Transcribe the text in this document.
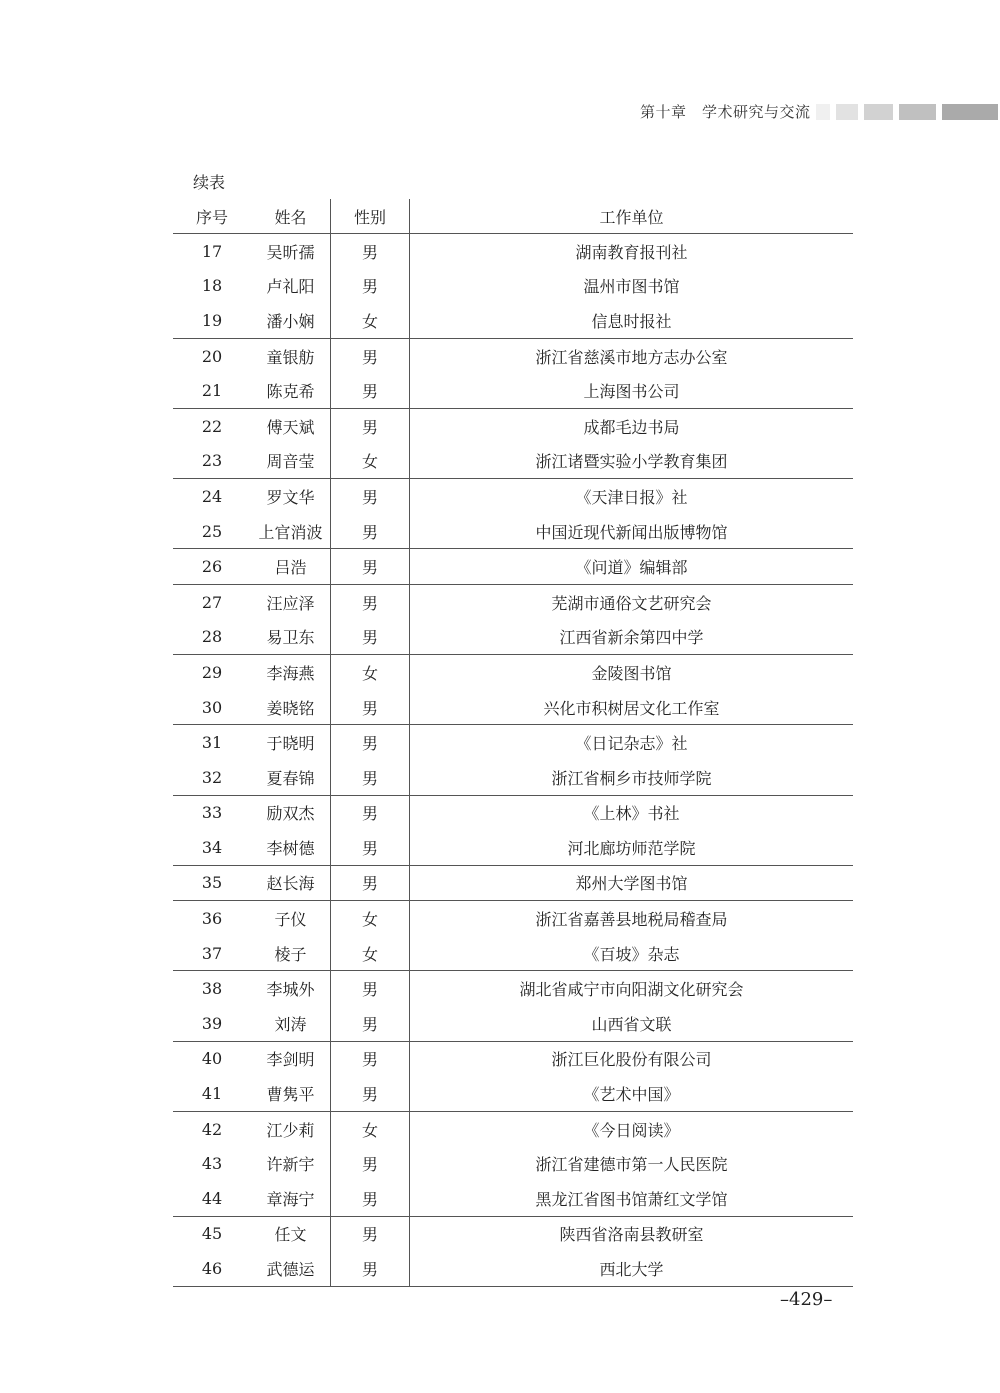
第十章　学术研究与交流
续表
序号	姓名	性别	工作单位
17	吴昕孺	男	湖南教育报刊社
18	卢礼阳	男	温州市图书馆
19	潘小娴	女	信息时报社
20	童银舫	男	浙江省慈溪市地方志办公室
21	陈克希	男	上海图书公司
22	傅天斌	男	成都毛边书局
23	周音莹	女	浙江诸暨实验小学教育集团
24	罗文华	男	《天津日报》社
25	上官消波	男	中国近现代新闻出版博物馆
26	吕浩	男	《问道》编辑部
27	汪应泽	男	芜湖市通俗文艺研究会
28	易卫东	男	江西省新余第四中学
29	李海燕	女	金陵图书馆
30	姜晓铭	男	兴化市积树居文化工作室
31	于晓明	男	《日记杂志》社
32	夏春锦	男	浙江省桐乡市技师学院
33	励双杰	男	《上林》书社
34	李树德	男	河北廊坊师范学院
35	赵长海	男	郑州大学图书馆
36	子仪	女	浙江省嘉善县地税局稽查局
37	棱子	女	《百坡》杂志
38	李城外	男	湖北省咸宁市向阳湖文化研究会
39	刘涛	男	山西省文联
40	李剑明	男	浙江巨化股份有限公司
41	曹隽平	男	《艺术中国》
42	江少莉	女	《今日阅读》
43	许新宇	男	浙江省建德市第一人民医院
44	章海宁	男	黑龙江省图书馆萧红文学馆
45	任文	男	陕西省洛南县教研室
46	武德运	男	西北大学
–429–
